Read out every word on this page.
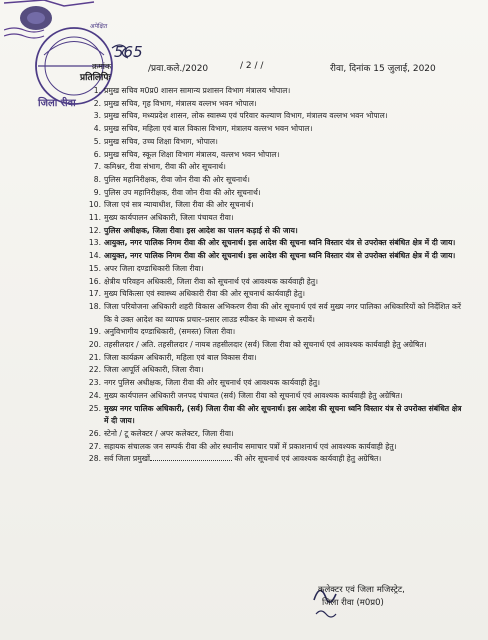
जिला रीवा
अपेक्षित
क्रमांक
565
/प्रवा.कले./2020	/ 2 / /	रीवा, दिनांक 15 जुलाई, 2020
प्रतिलिपिः
1. प्रमुख सचिव म0प्र0 शासन सामान्य प्रशासन विभाग मंत्रालय भोपाल।
2. प्रमुख सचिव, गृह विभाग, मंत्रालय वल्लभ भवन भोपाल।
3. प्रमुख सचिव, मध्यप्रदेश शासन, लोक स्वास्थ्य एवं परिवार कल्याण विभाग, मंत्रालय वल्लभ भवन भोपाल।
4. प्रमुख सचिव, महिला एवं बाल विकास विभाग, मंत्रालय वल्लभ भवन भोपाल।
5. प्रमुख सचिव, उच्च शिक्षा विभाग, भोपाल।
6. प्रमुख सचिव, स्कूल शिक्षा विभाग मंत्रालय, वल्लभ भवन भोपाल।
7. कमिश्नर, रीवा संभाग, रीवा की ओर सूचनार्थ।
8. पुलिस महानिरीक्षक, रीवा जोन रीवा की ओर सूचनार्थ।
9. पुलिस उप महानिरीक्षक, रीवा जोन रीवा की ओर सूचनार्थ।
10. जिला एवं सत्र न्यायाधीश, जिला रीवा की ओर सूचनार्थ।
11. मुख्य कार्यपालन अधिकारी, जिला पंचायत रीवा।
12. पुलिस अधीक्षक, जिला रीवा। इस आदेश का पालन कड़ाई से की जाय।
13. आयुक्त, नगर पालिक निगम रीवा की ओर सूचनार्थ। इस आदेश की सूचना ध्वनि विस्तार यंत्र से उपरोक्त संबंधित क्षेत्र में दी जाय।
14. आयुक्त, नगर पालिक निगम रीवा की ओर सूचनार्थ। इस आदेश की सूचना ध्वनि विस्तार यंत्र से उपरोक्त संबंधित क्षेत्र में दी जाय।
15. अपर जिला दण्डाधिकारी जिला रीवा।
16. क्षेत्रीय परिवहन अधिकारी, जिला रीवा को सूचनार्थ एवं आवश्यक कार्यवाही हेतु।
17. मुख्य चिकित्सा एवं स्वास्थ्य अधिकारी रीवा की ओर सूचनार्थ कार्यवाही हेतु।
18. जिला परियोजना अधिकारी शहरी विकास अभिकरण रीवा की ओर सूचनार्थ एवं सर्व मुख्य नगर पालिका अधिकारियों को निर्देशित करें कि वे उक्त आदेश का व्यापक प्रचार–प्रसार लाउड स्पीकर के माध्यम से करायें।
19. अनुविभागीय दण्डाधिकारी, (समस्त) जिला रीवा।
20. तहसीलदार / अति. तहसीलदार / नायब तहसीलदार (सर्व) जिला रीवा को सूचनार्थ एवं आवश्यक कार्यवाही हेतु अग्रेषित।
21. जिला कार्यक्रम अधिकारी, महिला एवं बाल विकास रीवा।
22. जिला आपूर्ति अधिकारी, जिला रीवा।
23. नगर पुलिस अधीक्षक, जिला रीवा की ओर सूचनार्थ एवं आवश्यक कार्यवाही हेतु।
24. मुख्य कार्यपालन अधिकारी जनपद पंचायत (सर्व) जिला रीवा को सूचनार्थ एवं आवश्यक कार्यवाही हेतु अग्रेषित।
25. मुख्य नगर पालिक अधिकारी, (सर्व) जिला रीवा की ओर सूचनार्थ। इस आदेश की सूचना ध्वनि विस्तार यंत्र से उपरोक्त संबंधित क्षेत्र में दी जाय।
26. स्टेनो / टू कलेक्टर / अपर कलेक्टर, जिला रीवा।
27. सहायक संचालक जन सम्पर्क रीवा की ओर स्थानीय समाचार पत्रों में प्रकाशनार्थ एवं आवश्यक कार्यवाही हेतु।
28. सर्व जिला प्रमुखों	की ओर सूचनार्थ एवं आवश्यक कार्यवाही हेतु अग्रेषित।
कलेक्टर एवं जिला मजिस्ट्रेट,
जिला रीवा (म0प्र0)
